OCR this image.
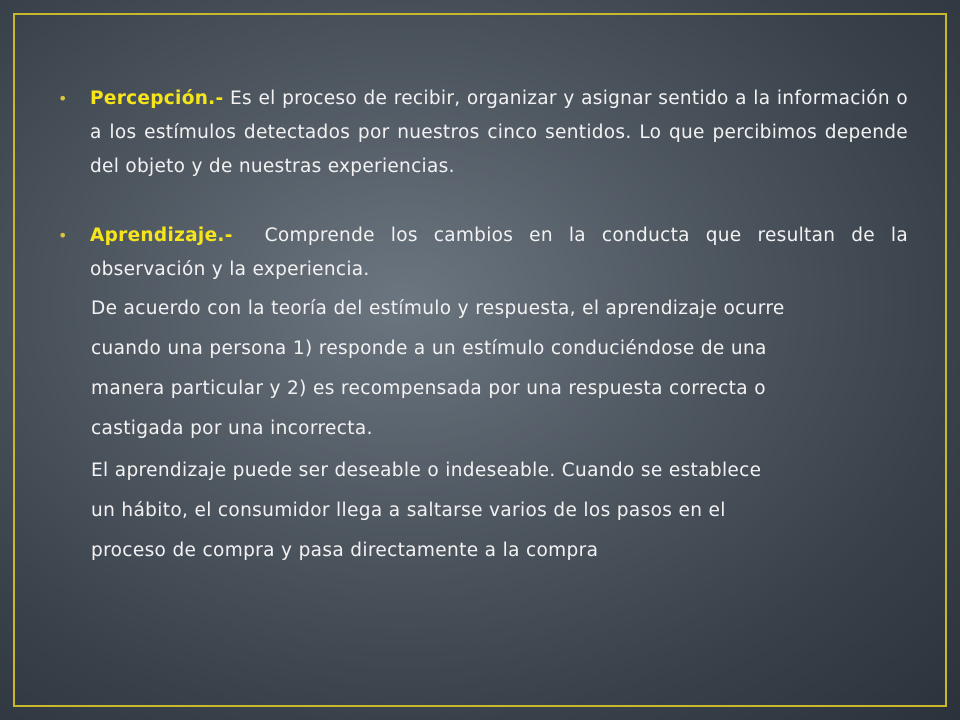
• Percepción.- Es el proceso de recibir, organizar y asignar sentido a la información o a los estímulos detectados por nuestros cinco sentidos. Lo que percibimos depende del objeto y de nuestras experiencias.
• Aprendizaje.-  Comprende los cambios en la conducta que resultan de la observación y la experiencia.
De acuerdo con la teoría del estímulo y respuesta, el aprendizaje ocurre
cuando una persona 1) responde a un estímulo conduciéndose de una
manera particular y 2) es recompensada por una respuesta correcta o
castigada por una incorrecta.
El aprendizaje puede ser deseable o indeseable. Cuando se establece
un hábito, el consumidor llega a saltarse varios de los pasos en el
proceso de compra y pasa directamente a la compra
